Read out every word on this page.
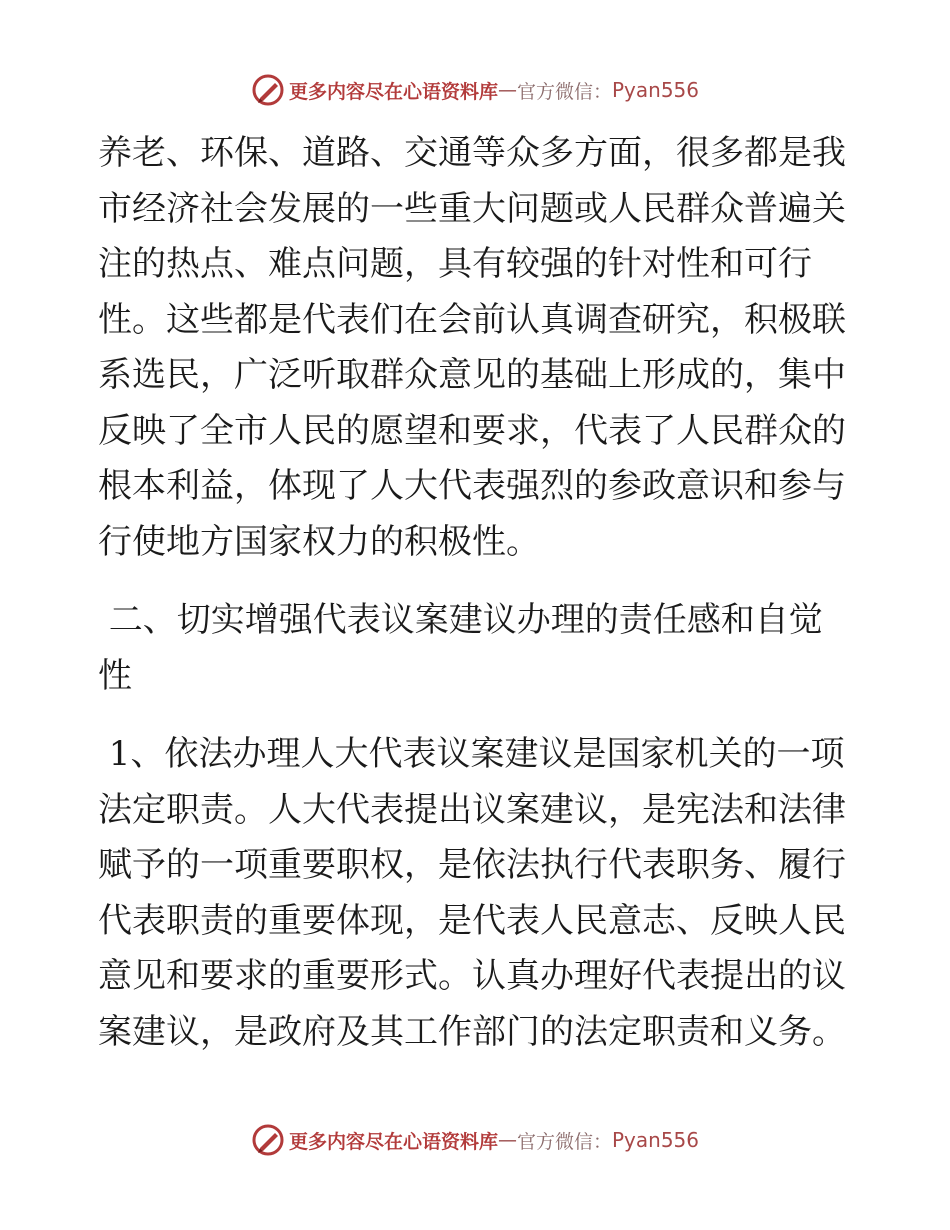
更多内容尽在心语资料库 — 官方微信： Pyan556
养老、环保、道路、交通等众多方面，很多都是我
市经济社会发展的一些重大问题或人民群众普遍关
注的热点、难点问题，具有较强的针对性和可行
性。这些都是代表们在会前认真调查研究，积极联
系选民，广泛听取群众意见的基础上形成的，集中
反映了全市人民的愿望和要求，代表了人民群众的
根本利益，体现了人大代表强烈的参政意识和参与
行使地方国家权力的积极性。
二、切实增强代表议案建议办理的责任感和自觉
性
1、依法办理人大代表议案建议是国家机关的一项
法定职责。人大代表提出议案建议，是宪法和法律
赋予的一项重要职权，是依法执行代表职务、履行
代表职责的重要体现，是代表人民意志、反映人民
意见和要求的重要形式。认真办理好代表提出的议
案建议，是政府及其工作部门的法定职责和义务。
更多内容尽在心语资料库 — 官方微信： Pyan556
